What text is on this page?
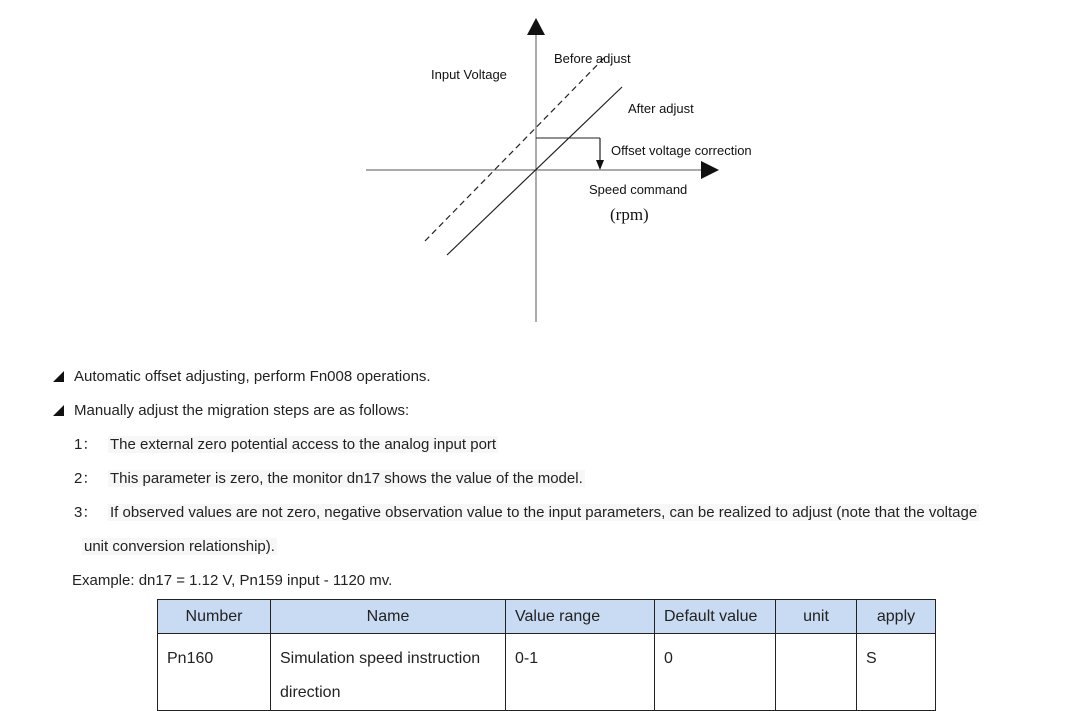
Input Voltage
Before adjust
After adjust
Offset voltage correction
Speed command
(rpm)
Automatic offset adjusting, perform Fn008 operations.
Manually adjust the migration steps are as follows:
1： The external zero potential access to the analog input port
2： This parameter is zero, the monitor dn17 shows the value of the model.
3： If observed values are not zero, negative observation value to the input parameters, can be realized to adjust (note that the voltage
unit conversion relationship).
Example: dn17 = 1.12 V, Pn159 input - 1120 mv.
Number	Name	Value range	Default value	unit	apply
Pn160	Simulation speed instruction direction	0-1	0		S
